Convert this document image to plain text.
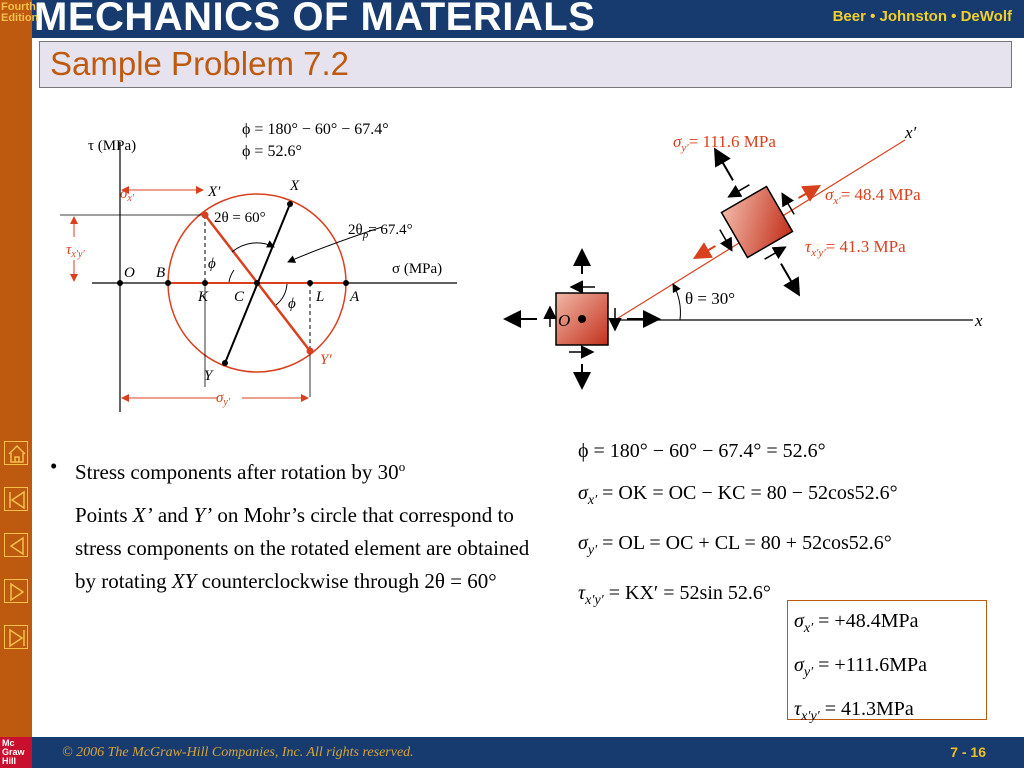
MECHANICS OF MATERIALS	Beer • Johnston • DeWolf
Fourth
Edition
Sample Problem 7.2
ϕ = 180° − 60° − 67.4°
ϕ = 52.6°
τ (MPa)
σ (MPa)
2θ = 60°
$2\theta_p= 67.4^\circ$
$\sigma_{x'}$
$\tau_{x'y'}$
$\sigma_{y'}$
O B
K C	L A
X
Y
X′
Y′
ϕ
ϕ
x
x′
θ = 30°
O
$\sigma_{y'}= 111.6$ MPa
$\sigma_{x'}= 48.4$ MPa
$\tau_{x'y'}= 41.3$ MPa
• Stress components after rotation by 30$^o$
Points X’ and Y’ on Mohr’s circle that correspond to stress components on the rotated element are obtained by rotating XY counterclockwise through 2θ = 60°
ϕ = 180° − 60° − 67.4° = 52.6°
$\sigma_{x'}$ = OK = OC − KC = 80 − 52cos52.6°
$\sigma_{y'}$ = OL = OC + CL = 80 + 52cos52.6°
$\tau_{x'y'} = KX' = 52\sin$ 52.6°
$\sigma_{x'} = +48.4MPa$
$\sigma_{y'} = +111.6MPa$
$\tau_{x'y'} = 41.3MPa$
© 2006 The McGraw-Hill Companies, Inc. All rights reserved.	7 - 16
Mc
Graw
Hill
